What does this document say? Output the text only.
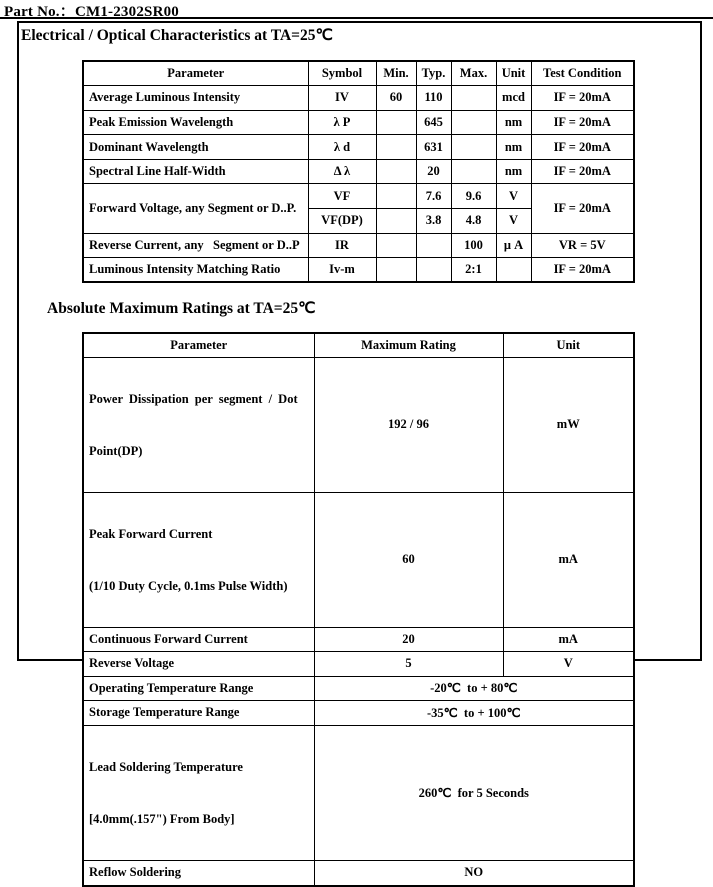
Part No.：CM1-2302SR00
Electrical / Optical Characteristics at TA=25℃
Parameter	Symbol	Min.	Typ.	Max.	Unit	Test Condition
Average Luminous Intensity	IV	60	110		mcd	IF = 20mA
Peak Emission Wavelength	λ P		645		nm	IF = 20mA
Dominant Wavelength	λ d		631		nm	IF = 20mA
Spectral Line Half-Width	Δ λ		20		nm	IF = 20mA
Forward Voltage, any Segment or D..P.	VF		7.6	9.6	V	IF = 20mA
	VF(DP)		3.8	4.8	V	
Reverse Current, any   Segment or D..P	IR			100	μ A	VR = 5V
Luminous Intensity Matching Ratio	Iv-m			2:1		IF = 20mA
Absolute Maximum Ratings at TA=25℃
Parameter	Maximum Rating	Unit

Power Dissipation per segment / Dot

Point(DP)	192 / 96	mW

Peak Forward Current

(1/10 Duty Cycle, 0.1ms Pulse Width)	60	mA
Continuous Forward Current	20	mA
Reverse Voltage	5	V
Operating Temperature Range	-20℃  to + 80℃	
Storage Temperature Range	-35℃  to + 100℃	

Lead Soldering Temperature

[4.0mm(.157") From Body]	260℃  for 5 Seconds	
Reflow Soldering	NO	
